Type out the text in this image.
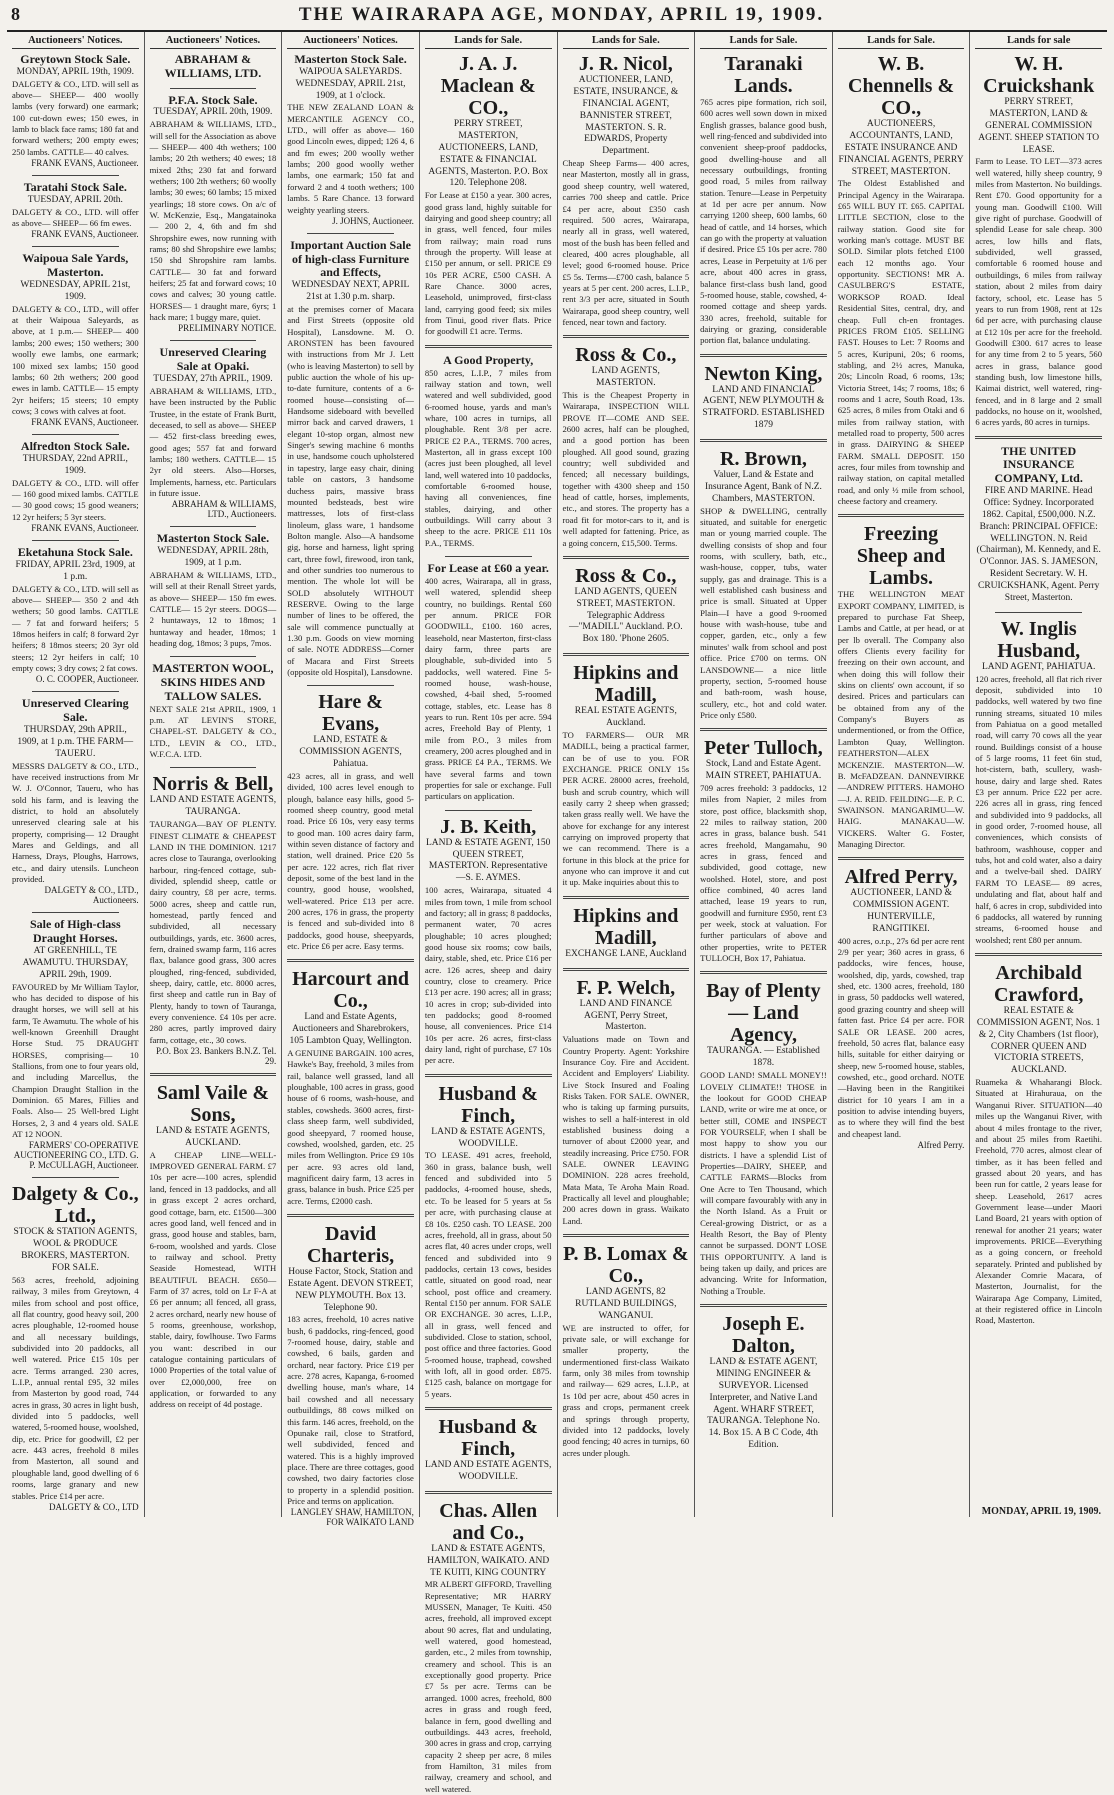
8	THE WAIRARAPA AGE, MONDAY, APRIL 19, 1909.
Auctioneers' Notices.
Greytown Stock Sale.
MONDAY, APRIL 19th, 1909.
DALGETY & CO., LTD. will sell as above— SHEEP— 400 woolly lambs (very forward) one earmark; 100 cut-down ewes; 150 ewes, in lamb to black face rams; 180 fat and forward wethers; 200 empty ewes; 250 lambs. CATTLE— 40 calves.
FRANK EVANS, Auctioneer.
Taratahi Stock Sale.
TUESDAY, APRIL 20th.
DALGETY & CO., LTD. will offer as above— SHEEP— 66 fm ewes.
FRANK EVANS, Auctioneer.
Waipoua Sale Yards, Masterton.
WEDNESDAY, APRIL 21st, 1909.
DALGETY & CO., LTD., will offer at their Waipoua Saleyards, as above, at 1 p.m.— SHEEP— 400 lambs; 200 ewes; 150 wethers; 300 woolly ewe lambs, one earmark; 100 mixed sex lambs; 150 good lambs; 60 2th wethers; 200 good ewes in lamb. CATTLE— 15 empty 2yr heifers; 15 steers; 10 empty cows; 3 cows with calves at foot.
FRANK EVANS, Auctioneer.
Alfredton Stock Sale.
THURSDAY, 22nd APRIL, 1909.
DALGETY & CO., LTD. will offer— 160 good mixed lambs. CATTLE— 30 good cows; 15 good weaners; 12 2yr heifers; 5 3yr steers.
FRANK EVANS, Auctioneer.
Eketahuna Stock Sale.
FRIDAY, APRIL 23rd, 1909, at 1 p.m.
DALGETY & CO., LTD. will sell as above— SHEEP— 350 2 and 4th wethers; 50 good lambs. CATTLE— 7 fat and forward heifers; 5 18mos heifers in calf; 8 forward 2yr heifers; 8 18mos steers; 20 3yr old steers; 12 2yr heifers in calf; 10 empty cows; 3 dry cows; 2 fat cows.
O. C. COOPER, Auctioneer.
Unreserved Clearing Sale.
THURSDAY, 29th APRIL, 1909, at 1 p.m. THE FARM—TAUERU.
MESSRS DALGETY & CO., LTD., have received instructions from Mr W. J. O'Connor, Taueru, who has sold his farm, and is leaving the district, to hold an absolutely unreserved clearing sale at his property, comprising— 12 Draught Mares and Geldings, and all Harness, Drays, Ploughs, Harrows, etc., and dairy utensils. Luncheon provided.
DALGETY & CO., LTD., Auctioneers.
Sale of High-class Draught Horses.
AT GREENHILL, TE AWAMUTU. THURSDAY, APRIL 29th, 1909.
FAVOURED by Mr William Taylor, who has decided to dispose of his draught horses, we will sell at his farm, Te Awamutu. The whole of his well-known Greenhill Draught Horse Stud. 75 DRAUGHT HORSES, comprising— 10 Stallions, from one to four years old, and including Marcellus, the Champion Draught Stallion in the Dominion. 65 Mares, Fillies and Foals. Also— 25 Well-bred Light Horses, 2, 3 and 4 years old. SALE AT 12 NOON.
FARMERS' CO-OPERATIVE AUCTIONEERING CO., LTD. G. P. McCULLAGH, Auctioneer.
Dalgety & Co., Ltd.,
STOCK & STATION AGENTS, WOOL & PRODUCE BROKERS, MASTERTON. FOR SALE.
563 acres, freehold, adjoining railway, 3 miles from Greytown, 4 miles from school and post office, all flat country, good heavy soil, 200 acres ploughable, 12-roomed house and all necessary buildings, subdivided into 20 paddocks, all well watered. Price £15 10s per acre. Terms arranged. 230 acres, L.I.P., annual rental £95, 32 miles from Masterton by good road, 744 acres in grass, 30 acres in light bush, divided into 5 paddocks, well watered, 5-roomed house, woolshed, dip, etc. Price for goodwill, £2 per acre. 443 acres, freehold 8 miles from Masterton, all sound and ploughable land, good dwelling of 6 rooms, large granary and new stables. Price £14 per acre.
DALGETY & CO., LTD
Auctioneers' Notices.
ABRAHAM & WILLIAMS, LTD.
P.F.A. Stock Sale.
TUESDAY, APRIL 20th, 1909.
ABRAHAM & WILLIAMS, LTD., will sell for the Association as above— SHEEP— 400 4th wethers; 100 lambs; 20 2th wethers; 40 ewes; 18 mixed 2ths; 230 fat and forward wethers; 100 2th wethers; 60 woolly lambs; 30 ewes; 60 lambs; 15 mixed yearlings; 18 store cows. On a/c of W. McKenzie, Esq., Mangatainoka— 200 2, 4, 6th and fm shd Shropshire ewes, now running with rams; 80 shd Shropshire ewe lambs; 150 shd Shropshire ram lambs. CATTLE— 30 fat and forward heifers; 25 fat and forward cows; 10 cows and calves; 30 young cattle. HORSES— 1 draught mare, 6yrs; 1 hack mare; 1 buggy mare, quiet.
PRELIMINARY NOTICE.
Unreserved Clearing Sale at Opaki.
TUESDAY, 27th APRIL, 1909.
ABRAHAM & WILLIAMS, LTD., have been instructed by the Public Trustee, in the estate of Frank Burtt, deceased, to sell as above— SHEEP— 452 first-class breeding ewes, good ages; 557 fat and forward lambs; 180 wethers. CATTLE— 15 2yr old steers. Also—Horses, Implements, harness, etc. Particulars in future issue.
ABRAHAM & WILLIAMS, LTD., Auctioneers.
Masterton Stock Sale.
WEDNESDAY, APRIL 28th, 1909, at 1 p.m.
ABRAHAM & WILLIAMS, LTD., will sell at their Renall Street yards, as above— SHEEP— 150 fm ewes. CATTLE— 15 2yr steers. DOGS— 2 huntaways, 12 to 18mos; 1 huntaway and header, 18mos; 1 heading dog, 18mos; 3 pups, 7mos.
MASTERTON WOOL, SKINS HIDES AND TALLOW SALES.
NEXT SALE 21st APRIL, 1909, 1 p.m. AT LEVIN'S STORE, CHAPEL-ST. DALGETY & CO., LTD., LEVIN & CO., LTD., W.F.C.A. LTD.
Norris & Bell,
LAND AND ESTATE AGENTS, TAURANGA.
TAURANGA—BAY OF PLENTY. FINEST CLIMATE & CHEAPEST LAND IN THE DOMINION. 1217 acres close to Tauranga, overlooking harbour, ring-fenced cottage, sub-divided, splendid sheep, cattle or dairy country, £8 per acre, terms. 5000 acres, sheep and cattle run, homestead, partly fenced and subdivided, all necessary outbuildings, yards, etc. 3600 acres, fern, drained swamp farm, 116 acres flax, balance good grass, 300 acres ploughed, ring-fenced, subdivided, sheep, dairy, cattle, etc. 8000 acres, first sheep and cattle run in Bay of Plenty, handy to town of Tauranga, every convenience. £4 10s per acre. 280 acres, partly improved dairy farm, cottage, etc., 30 cows.
P.O. Box 23. Bankers B.N.Z. Tel. 29.
Saml Vaile & Sons,
LAND & ESTATE AGENTS, AUCKLAND.
A CHEAP LINE—WELL-IMPROVED GENERAL FARM. £7 10s per acre—100 acres, splendid land, fenced in 13 paddocks, and all in grass except 2 acres orchard, good cottage, barn, etc. £1500—300 acres good land, well fenced and in grass, good house and stables, barn, 6-room, woolshed and yards. Close to railway and school. Pretty Seaside Homestead, WITH BEAUTIFUL BEACH. £650—Farm of 37 acres, told on Lr F-A at £6 per annum; all fenced, all grass, 2 acres orchard, nearly new house of 5 rooms, greenhouse, workshop, stable, dairy, fowlhouse. Two Farms you want: described in our catalogue containing particulars of 1000 Properties of the total value of over £2,000,000, free on application, or forwarded to any address on receipt of 4d postage.
Auctioneers' Notices.
Masterton Stock Sale.
WAIPOUA SALEYARDS. WEDNESDAY, APRIL 21st, 1909, at 1 o'clock.
THE NEW ZEALAND LOAN & MERCANTILE AGENCY CO., LTD., will offer as above— 160 good Lincoln ewes, dipped; 126 4, 6 and fm ewes; 200 woolly wether lambs; 200 good woolly wether lambs, one earmark; 150 fat and forward 2 and 4 tooth wethers; 100 lambs. 5 Rare Chance. 13 forward weighty yearling steers.
J. JOHNS, Auctioneer.
Important Auction Sale of high-class Furniture and Effects,
WEDNESDAY NEXT, APRIL 21st at 1.30 p.m. sharp.
at the premises corner of Macara and First Streets (opposite old Hospital), Lansdowne. M. O. ARONSTEN has been favoured with instructions from Mr J. Lett (who is leaving Masterton) to sell by public auction the whole of his up-to-date furniture, contents of a 6-roomed house—consisting of— Handsome sideboard with bevelled mirror back and carved drawers, 1 elegant 10-stop organ, almost new Singer's sewing machine 6 months in use, handsome couch upholstered in tapestry, large easy chair, dining table on castors, 3 handsome duchess pairs, massive brass mounted bedsteads, best wire mattresses, lots of first-class linoleum, glass ware, 1 handsome Bolton mangle. Also—A handsome gig, horse and harness, light spring cart, three fowl, firewood, iron tank, and other sundries too numerous to mention. The whole lot will be SOLD absolutely WITHOUT RESERVE. Owing to the large number of lines to be offered, the sale will commence punctually at 1.30 p.m. Goods on view morning of sale. NOTE ADDRESS—Corner of Macara and First Streets (opposite old Hospital), Lansdowne.
Hare & Evans,
LAND, ESTATE & COMMISSION AGENTS, Pahiatua.
423 acres, all in grass, and well divided, 100 acres level enough to plough, balance easy hills, good 5-roomed sheep country, good metal road. Price £6 10s, very easy terms to good man. 100 acres dairy farm, within seven distance of factory and station, well drained. Price £20 5s per acre. 122 acres, rich flat river deposit, some of the best land in the country, good house, woolshed, well-watered. Price £13 per acre. 200 acres, 176 in grass, the property is fenced and sub-divided into 8 paddocks, good house, sheepyards, etc. Price £6 per acre. Easy terms.
Harcourt and Co.,
Land and Estate Agents, Auctioneers and Sharebrokers, 105 Lambton Quay, Wellington.
A GENUINE BARGAIN. 100 acres, Hawke's Bay, freehold, 3 miles from rail, balance well grassed, land all ploughable, 100 acres in grass, good house of 6 rooms, wash-house, and stables, cowsheds. 3600 acres, first-class sheep farm, well subdivided, good sheepyard, 7 roomed house, cowshed, woolshed, garden, etc. 25 miles from Wellington. Price £9 10s per acre. 93 acres old land, magnificent dairy farm, 13 acres in grass, balance in bush. Price £25 per acre. Terms, £2000 cash.
David Charteris,
House Factor, Stock, Station and Estate Agent. DEVON STREET, NEW PLYMOUTH. Box 13. Telephone 90.
183 acres, freehold, 10 acres native bush, 6 paddocks, ring-fenced, good 7-roomed house, dairy, stable and cowshed, 6 bails, garden and orchard, near factory. Price £19 per acre. 278 acres, Kapanga, 6-roomed dwelling house, man's whare, 14 bail cowshed and all necessary outbuildings, 88 cows milked on this farm. 146 acres, freehold, on the Opunake rail, close to Stratford, well subdivided, fenced and watered. This is a highly improved place. There are three cottages, good cowshed, two dairy factories close to property in a splendid position. Price and terms on application.
LANGLEY SHAW, HAMILTON, FOR WAIKATO LAND
Lands for Sale.
J. A. J. Maclean & CO.,
PERRY STREET, MASTERTON, AUCTIONEERS, LAND, ESTATE & FINANCIAL AGENTS, Masterton. P.O. Box 120. Telephone 208.
For Lease at £150 a year. 300 acres, good grass land, highly suitable for dairying and good sheep country; all in grass, well fenced, four miles from railway; main road runs through the property. Will lease at £150 per annum, or sell. PRICE £9 10s PER ACRE, £500 CASH. A Rare Chance. 3000 acres, Leasehold, unimproved, first-class land, carrying good feed; six miles from Tinui, good river flats. Price for goodwill £1 acre. Terms.
A Good Property,
850 acres, L.I.P., 7 miles from railway station and town, well watered and well subdivided, good 6-roomed house, yards and man's whare, 100 acres in turnips, all ploughable. Rent 3/8 per acre. PRICE £2 P.A., TERMS. 700 acres, Masterton, all in grass except 100 (acres just been ploughed, all level land, well watered into 10 paddocks, comfortable 6-roomed house, having all conveniences, fine stables, dairying, and other outbuildings. Will carry about 3 sheep to the acre. PRICE £11 10s P.A., TERMS.
For Lease at £60 a year.
400 acres, Wairarapa, all in grass, well watered, splendid sheep country, no buildings. Rental £60 per annum. PRICE FOR GOODWILL, £100. 160 acres, leasehold, near Masterton, first-class dairy farm, three parts are ploughable, sub-divided into 5 paddocks, well watered. Fine 5-roomed house, wash-house, cowshed, 4-bail shed, 5-roomed cottage, stables, etc. Lease has 8 years to run. Rent 10s per acre. 594 acres, Freehold Bay of Plenty, 1 mile from P.O., 3 miles from creamery, 200 acres ploughed and in grass. PRICE £4 P.A., TERMS. We have several farms and town properties for sale or exchange. Full particulars on application.
J. B. Keith,
LAND & ESTATE AGENT, 150 QUEEN STREET, MASTERTON. Representative—S. E. AYMES.
100 acres, Wairarapa, situated 4 miles from town, 1 mile from school and factory; all in grass; 8 paddocks, permanent water, 70 acres ploughable; 10 acres ploughed; good house six rooms; cow bails, dairy, stable, shed, etc. Price £16 per acre. 126 acres, sheep and dairy country, close to creamery. Price £13 per acre. 190 acres; all in grass; 10 acres in crop; sub-divided into ten paddocks; good 8-roomed house, all conveniences. Price £14 10s per acre. 26 acres, first-class dairy land, right of purchase, £7 10s per acre.
Husband & Finch,
LAND & ESTATE AGENTS, WOODVILLE.
TO LEASE. 491 acres, freehold, 360 in grass, balance bush, well fenced and subdivided into 5 paddocks, 4-roomed house, sheds, etc. To be leased for 5 years at 5s per acre, with purchasing clause at £8 10s. £250 cash. TO LEASE. 200 acres, freehold, all in grass, about 50 acres flat, 40 acres under crops, well fenced and subdivided into 9 paddocks, certain 13 cows, besides cattle, situated on good road, near school, post office and creamery. Rental £150 per annum. FOR SALE OR EXCHANGE. 30 acres, L.I.P., all in grass, well fenced and subdivided. Close to station, school, post office and three factories. Good 5-roomed house, traphead, cowshed with loft, all in good order. £875. £125 cash, balance on mortgage for 5 years.
Husband & Finch,
LAND AND ESTATE AGENTS, WOODVILLE.
Chas. Allen and Co.,
LAND & ESTATE AGENTS, HAMILTON, WAIKATO. AND TE KUITI, KING COUNTRY
MR ALBERT GIFFORD, Travelling Representative; MR HARRY MUSSEN, Manager, Te Kuiti. 450 acres, freehold, all improved except about 90 acres, flat and undulating, well watered, good homestead, garden, etc., 2 miles from township, creamery and school. This is an exceptionally good property. Price £7 5s per acre. Terms can be arranged. 1000 acres, freehold, 800 acres in grass and rough feed, balance in fern, good dwelling and outbuildings. 443 acres, freehold, 300 acres in grass and crop, carrying capacity 2 sheep per acre, 8 miles from Hamilton, 31 miles from railway, creamery and school, and well watered.
Lands for Sale.
J. R. Nicol,
AUCTIONEER, LAND, ESTATE, INSURANCE, & FINANCIAL AGENT, BANNISTER STREET, MASTERTON. S. R. EDWARDS, Property Department.
Cheap Sheep Farms— 400 acres, near Masterton, mostly all in grass, good sheep country, well watered, carries 700 sheep and cattle. Price £4 per acre, about £350 cash required. 500 acres, Wairarapa, nearly all in grass, well watered, most of the bush has been felled and cleared, 400 acres ploughable, all level; good 6-roomed house. Price £5 5s. Terms—£700 cash, balance 5 years at 5 per cent. 200 acres, L.I.P., rent 3/3 per acre, situated in South Wairarapa, good sheep country, well fenced, near town and factory.
Ross & Co.,
LAND AGENTS, MASTERTON.
This is the Cheapest Property in Wairarapa, INSPECTION WILL PROVE IT—COME AND SEE. 2600 acres, half can be ploughed, and a good portion has been ploughed. All good sound, grazing country; well subdivided and fenced; all necessary buildings, together with 4300 sheep and 150 head of cattle, horses, implements, etc., and stores. The property has a road fit for motor-cars to it, and is well adapted for fattening. Price, as a going concern, £15,500. Terms.
Ross & Co.,
LAND AGENTS, QUEEN STREET, MASTERTON. Telegraphic Address—"MADILL" Auckland. P.O. Box 180. 'Phone 2605.
Hipkins and Madill,
REAL ESTATE AGENTS, Auckland.
TO FARMERS— OUR MR MADILL, being a practical farmer, can be of use to you. FOR EXCHANGE. PRICE ONLY 15s PER ACRE. 28000 acres, freehold, bush and scrub country, which will easily carry 2 sheep when grassed; taken grass really well. We have the above for exchange for any interest carrying on improved property that we can recommend. There is a fortune in this block at the price for anyone who can improve it and cut it up. Make inquiries about this to
Hipkins and Madill,
EXCHANGE LANE, Auckland
F. P. Welch,
LAND AND FINANCE AGENT, Perry Street, Masterton.
Valuations made on Town and Country Property. Agent: Yorkshire Insurance Coy. Fire and Accident. Accident and Employers' Liability. Live Stock Insured and Foaling Risks Taken. FOR SALE. OWNER, who is taking up farming pursuits, wishes to sell a half-interest in old established business doing a turnover of about £2000 year, and steadily increasing. Price £750. FOR SALE. OWNER LEAVING DOMINION. 228 acres freehold, Mata Mata, Te Aroha Main Road. Practically all level and ploughable; 200 acres down in grass. Waikato Land.
P. B. Lomax & Co.,
LAND AGENTS, 82 RUTLAND BUILDINGS, WANGANUI.
WE are instructed to offer, for private sale, or will exchange for smaller property, the undermentioned first-class Waikato farm, only 38 miles from township and railway— 629 acres, L.I.P., at 1s 10d per acre, about 450 acres in grass and crops, permanent creek and springs through property, divided into 12 paddocks, lovely good fencing; 40 acres in turnips, 60 acres under plough.
Lands for Sale.
Taranaki Lands.
765 acres pipe formation, rich soil, 600 acres well sown down in mixed English grasses, balance good bush, well ring-fenced and subdivided into convenient sheep-proof paddocks, good dwelling-house and all necessary outbuildings, fronting good road, 5 miles from railway station. Tenure—Lease in Perpetuity at 1d per acre per annum. Now carrying 1200 sheep, 600 lambs, 60 head of cattle, and 14 horses, which can go with the property at valuation if desired. Price £5 10s per acre. 780 acres, Lease in Perpetuity at 1/6 per acre, about 400 acres in grass, balance first-class bush land, good 5-roomed house, stable, cowshed, 4-roomed cottage and sheep yards. 330 acres, freehold, suitable for dairying or grazing, considerable portion flat, balance undulating.
Newton King,
LAND AND FINANCIAL AGENT, NEW PLYMOUTH & STRATFORD. ESTABLISHED 1879
R. Brown,
Valuer, Land & Estate and Insurance Agent, Bank of N.Z. Chambers, MASTERTON.
SHOP & DWELLING, centrally situated, and suitable for energetic man or young married couple. The dwelling consists of shop and four rooms, with scullery, bath, etc., wash-house, copper, tubs, water supply, gas and drainage. This is a well established cash business and price is small. Situated at Upper Plain—I have a good 9-roomed house with wash-house, tube and copper, garden, etc., only a few minutes' walk from school and post office. Price £700 on terms. ON LANSDOWNE— a nice little property, section, 5-roomed house and bath-room, wash house, scullery, etc., hot and cold water. Price only £580.
Peter Tulloch,
Stock, Land and Estate Agent. MAIN STREET, PAHIATUA.
709 acres freehold: 3 paddocks, 12 miles from Napier, 2 miles from store, post office, blacksmith shop, 22 miles to railway station, 200 acres in grass, balance bush. 541 acres freehold, Mangamahu, 90 acres in grass, fenced and subdivided, good cottage, new woolshed. Hotel, store, and post office combined, 40 acres land attached, lease 19 years to run, goodwill and furniture £950, rent £3 per week, stock at valuation. For further particulars of above and other properties, write to PETER TULLOCH, Box 17, Pahiatua.
Bay of Plenty — Land Agency,
TAURANGA. — Established 1878.
GOOD LAND! SMALL MONEY!! LOVELY CLIMATE!! THOSE in the lookout for GOOD CHEAP LAND, write or wire me at once, or better still, COME and INSPECT FOR YOURSELF, when I shall be most happy to show you our districts. I have a splendid List of Properties—DAIRY, SHEEP, and CATTLE FARMS—Blocks from One Acre to Ten Thousand, which will compare favourably with any in the North Island. As a Fruit or Cereal-growing District, or as a Health Resort, the Bay of Plenty cannot be surpassed. DON'T LOSE THIS OPPORTUNITY. A land is being taken up daily, and prices are advancing. Write for Information, Nothing a Trouble.
Joseph E. Dalton,
LAND & ESTATE AGENT, MINING ENGINEER & SURVEYOR. Licensed Interpreter, and Native Land Agent. WHARF STREET, TAURANGA. Telephone No. 14. Box 15. A B C Code, 4th Edition.
Lands for Sale.
W. B. Chennells & CO.,
AUCTIONEERS, ACCOUNTANTS, LAND, ESTATE INSURANCE AND FINANCIAL AGENTS, PERRY STREET, MASTERTON.
The Oldest Established and Principal Agency in the Wairarapa. £65 WILL BUY IT. £65. CAPITAL LITTLE SECTION, close to the railway station. Good site for working man's cottage. MUST BE SOLD. Similar plots fetched £100 each 12 months ago. Your opportunity. SECTIONS! MR A. CASULBERG'S ESTATE, WORKSOP ROAD. Ideal Residential Sites, central, dry, and cheap. Full ch-en frontages. PRICES FROM £105. SELLING FAST. Houses to Let: 7 Rooms and 5 acres, Kuripuni, 20s; 6 rooms, stabling, and 2½ acres, Manuka, 20s; Lincoln Road, 6 rooms, 13s; Victoria Street, 14s; 7 rooms, 18s; 6 rooms and 1 acre, South Road, 13s. 625 acres, 8 miles from Otaki and 6 miles from railway station, with metalled road to property, 500 acres in grass. DAIRYING & SHEEP FARM. SMALL DEPOSIT. 150 acres, four miles from township and railway station, on capital metalled road, and only ½ mile from school, cheese factory and creamery.
Freezing Sheep and Lambs.
THE WELLINGTON MEAT EXPORT COMPANY, LIMITED, is prepared to purchase Fat Sheep, Lambs and Cattle, at per head, or at per lb overall. The Company also offers Clients every facility for freezing on their own account, and when doing this will follow their skins on clients' own account, if so desired. Prices and particulars can be obtained from any of the Company's Buyers as undermentioned, or from the Office, Lambton Quay, Wellington. FEATHERSTON—ALEX MCKENZIE. MASTERTON—W. B. McFADZEAN. DANNEVIRKE—ANDREW PITTERS. HAMOHO—J. A. REID. FEILDING—E. P. C. SWAINSON. MANGARIMU—W. HAIG. MANAKAU—W. VICKERS. Walter G. Foster, Managing Director.
Alfred Perry,
AUCTIONEER, LAND & COMMISSION AGENT. HUNTERVILLE, RANGITIKEI.
400 acres, o.r.p., 27s 6d per acre rent 2/9 per year; 360 acres in grass, 6 paddocks, wire fences, house, woolshed, dip, yards, cowshed, trap shed, etc. 1300 acres, freehold, 180 in grass, 50 paddocks well watered, good grazing country and sheep will fatten fast. Price £4 per acre. FOR SALE OR LEASE. 200 acres, freehold, 50 acres flat, balance easy hills, suitable for either dairying or sheep, new 5-roomed house, stables, cowshed, etc., good orchard. NOTE—Having been in the Rangitikei district for 10 years I am in a position to advise intending buyers, as to where they will find the best and cheapest land.
Alfred Perry.
Lands for sale
W. H. Cruickshank
PERRY STREET, MASTERTON, LAND & GENERAL COMMISSION AGENT. SHEEP STATION TO LEASE.
Farm to Lease. TO LET—373 acres well watered, hilly sheep country, 9 miles from Masterton. No buildings. Rent £70. Good opportunity for a young man. Goodwill £100. Will give right of purchase. Goodwill of splendid Lease for sale cheap. 300 acres, low hills and flats, subdivided, well grassed, comfortable 6 roomed house and outbuildings, 6 miles from railway station, about 2 miles from dairy factory, school, etc. Lease has 5 years to run from 1908, rent at 12s 6d per acre, with purchasing clause at £12 10s per acre for the freehold. Goodwill £300. 617 acres to lease for any time from 2 to 5 years, 560 acres in grass, balance good standing bush, low limestone hills, Kaimai district, well watered, ring-fenced, and in 8 large and 2 small paddocks, no house on it, woolshed, 6 acres yards, 80 acres in turnips.
THE UNITED INSURANCE COMPANY, Ltd.
FIRE AND MARINE. Head Office: Sydney. Incorporated 1862. Capital, £500,000. N.Z. Branch: PRINCIPAL OFFICE: WELLINGTON. N. Reid (Chairman), M. Kennedy, and E. O'Connor. JAS. S. JAMESON, Resident Secretary. W. H. CRUICKSHANK, Agent. Perry Street, Masterton.
W. Inglis Husband,
LAND AGENT, PAHIATUA.
120 acres, freehold, all flat rich river deposit, subdivided into 10 paddocks, well watered by two fine running streams, situated 10 miles from Pahiatua on a good metalled road, will carry 70 cows all the year round. Buildings consist of a house of 5 large rooms, 11 feet 6in stud, hot-cistern, bath, scullery, wash-house, dairy and large shed. Rates £3 per annum. Price £22 per acre. 226 acres all in grass, ring fenced and subdivided into 9 paddocks, all in good order, 7-roomed house, all conveniences, which consists of bathroom, washhouse, copper and tubs, hot and cold water, also a dairy and a twelve-bail shed. DAIRY FARM TO LEASE— 89 acres, undulating and flat, about half and half, 6 acres in crop, subdivided into 6 paddocks, all watered by running streams, 6-roomed house and woolshed; rent £80 per annum.
Archibald Crawford,
REAL ESTATE & COMMISSION AGENT, Nos. 1 & 2, City Chambers (1st floor), CORNER QUEEN AND VICTORIA STREETS, AUCKLAND.
Ruameka & Whaharangi Block. Situated at Hirahuraua, on the Wanganui River. SITUATION—40 miles up the Wanganui River, with about 4 miles frontage to the river, and about 25 miles from Raetihi. Freehold, 770 acres, almost clear of timber, as it has been felled and grassed about 20 years, and has been run for cattle, 2 years lease for sheep. Leasehold, 2617 acres Government lease—under Maori Land Board, 21 years with option of renewal for another 21 years; water improvements. PRICE—Everything as a going concern, or freehold separately. Printed and published by Alexander Comrie Macara, of Masterton, Journalist, for the Wairarapa Age Company, Limited, at their registered office in Lincoln Road, Masterton.
MONDAY, APRIL 19, 1909.
